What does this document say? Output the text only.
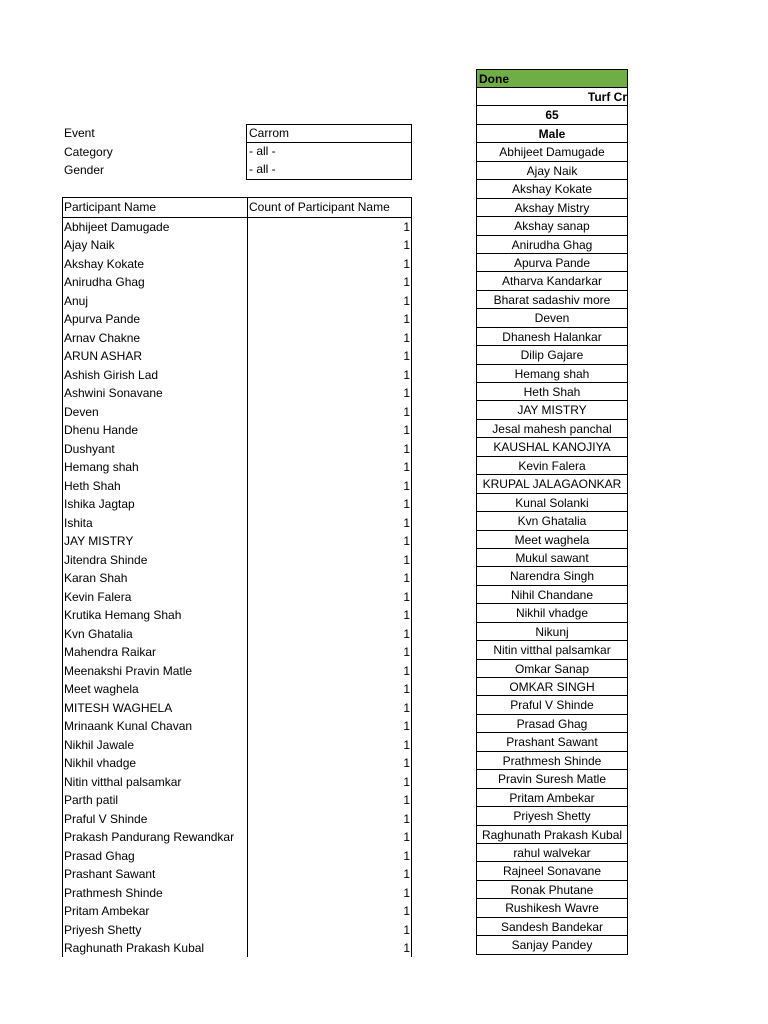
Event	Carrom
Category	- all -
Gender	- all -
Participant Name	Count of Participant Name
Abhijeet Damugade	1
Ajay Naik	1
Akshay Kokate	1
Anirudha Ghag	1
Anuj	1
Apurva Pande	1
Arnav Chakne	1
ARUN ASHAR	1
Ashish Girish Lad	1
Ashwini Sonavane	1
Deven	1
Dhenu Hande	1
Dushyant	1
Hemang shah	1
Heth Shah	1
Ishika Jagtap	1
Ishita	1
JAY MISTRY	1
Jitendra Shinde	1
Karan Shah	1
Kevin Falera	1
Krutika Hemang Shah	1
Kvn Ghatalia	1
Mahendra Raikar	1
Meenakshi Pravin Matle	1
Meet waghela	1
MITESH WAGHELA	1
Mrinaank Kunal Chavan	1
Nikhil Jawale	1
Nikhil vhadge	1
Nitin vitthal palsamkar	1
Parth patil	1
Praful V Shinde	1
Prakash Pandurang Rewandkar	1
Prasad Ghag	1
Prashant Sawant	1
Prathmesh Shinde	1
Pritam Ambekar	1
Priyesh Shetty	1
Raghunath Prakash Kubal	1
Done
Turf Cr
65
Male
Abhijeet Damugade
Ajay Naik
Akshay Kokate
Akshay Mistry
Akshay sanap
Anirudha Ghag
Apurva Pande
Atharva Kandarkar
Bharat sadashiv more
Deven
Dhanesh Halankar
Dilip Gajare
Hemang shah
Heth Shah
JAY MISTRY
Jesal mahesh panchal
KAUSHAL KANOJIYA
Kevin Falera
KRUPAL JALAGAONKAR
Kunal Solanki
Kvn Ghatalia
Meet waghela
Mukul sawant
Narendra Singh
Nihil Chandane
Nikhil vhadge
Nikunj
Nitin vitthal palsamkar
Omkar Sanap
OMKAR SINGH
Praful V Shinde
Prasad Ghag
Prashant Sawant
Prathmesh Shinde
Pravin Suresh Matle
Pritam Ambekar
Priyesh Shetty
Raghunath Prakash Kubal
rahul walvekar
Rajneel Sonavane
Ronak Phutane
Rushikesh Wavre
Sandesh Bandekar
Sanjay Pandey
